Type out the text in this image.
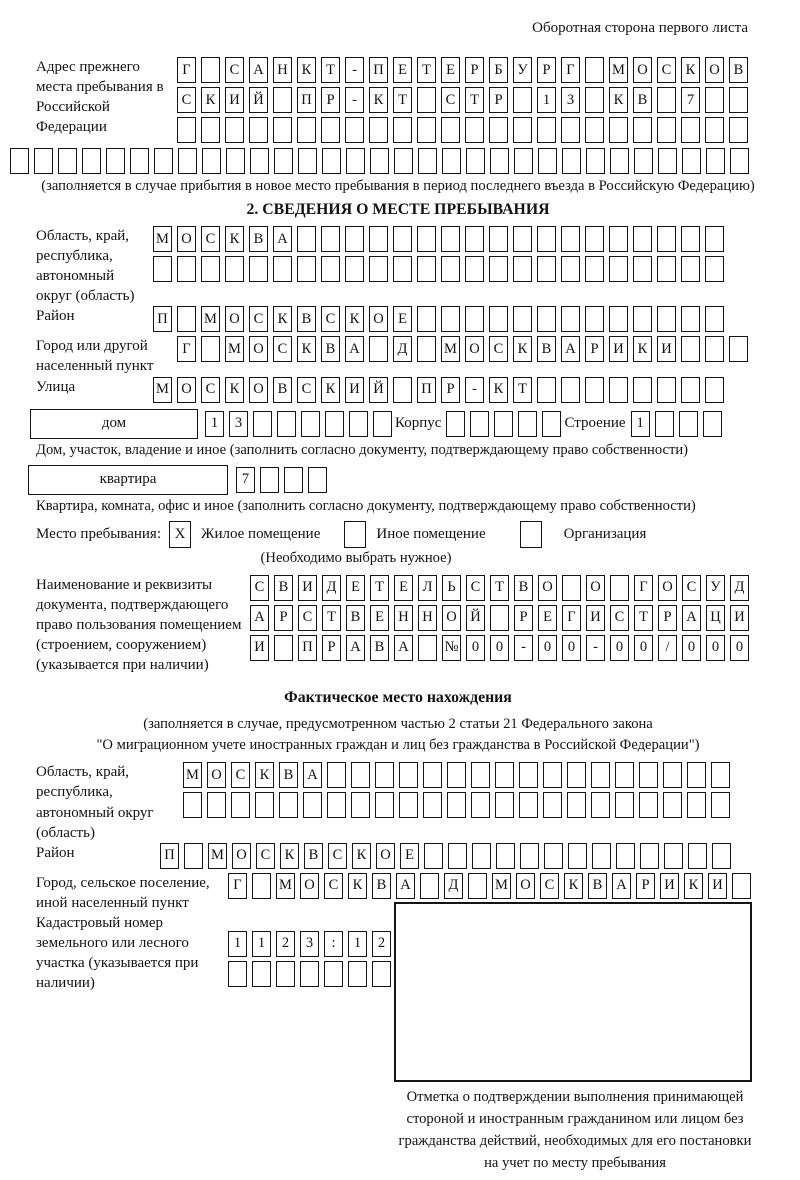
Оборотная сторона первого листа
Адрес прежнего места пребывания в Российской Федерации
Г	С А Н К	Т	-	П Е	Т	Е	Р	Б	У	Р	Г	М О С К О В
С К И Й	П	Р	-	К	Т	С	Т	Р	1	3	К В	7
(заполняется в случае прибытия в новое место пребывания в период последнего въезда в Российскую Федерацию)
2. СВЕДЕНИЯ О МЕСТЕ ПРЕБЫВАНИЯ
Область, край, республика, автономный округ (область)
М О С К В А
Район	П	М О С К В С К О Е
Город или другой населенный пункт
Г	М О С К В А	Д	М О С К В А	Р	И К И
Улица	М О С К О В С К И Й	П	Р	-	К	Т
дом	1	3	Корпус	Строение 1
Дом, участок, владение и иное (заполнить согласно документу, подтверждающему право собственности)
квартира	7
Квартира, комната, офис и иное (заполнить согласно документу, подтверждающему право собственности)
Место пребывания: X	Жилое помещение	Иное помещение	Организация
(Необходимо выбрать нужное)
Наименование и реквизиты документа, подтверждающего право пользования помещением (строением, сооружением) (указывается при наличии)
С В И Д	Е	Т	Е	Л	Ь	С	Т	В О	О	Г	О С У Д
А	Р	С	Т	В	Е Н Н О Й	Р	Е	Г	И С	Т	Р	А Ц И
И	П	Р	А В А № 0	0	-	0	0	-	0	0	/	0	0	0
Фактическое место нахождения
(заполняется в случае, предусмотренном частью 2 статьи 21 Федерального закона
"О миграционном учете иностранных граждан и лиц без гражданства в Российской Федерации")
Область, край, республика, автономный округ (область)
М О С К В А
Район	П	М О С К В С К О Е
Город, сельское поселение, иной населенный пункт
Г	М О С К В А	Д	М О С К В А	Р	И К И
Кадастровый номер земельного или лесного участка (указывается при наличии)
1	1	2	3	:	1	2
Отметка о подтверждении выполнения принимающей стороной и иностранным гражданином или лицом без гражданства действий, необходимых для его постановки на учет по месту пребывания
